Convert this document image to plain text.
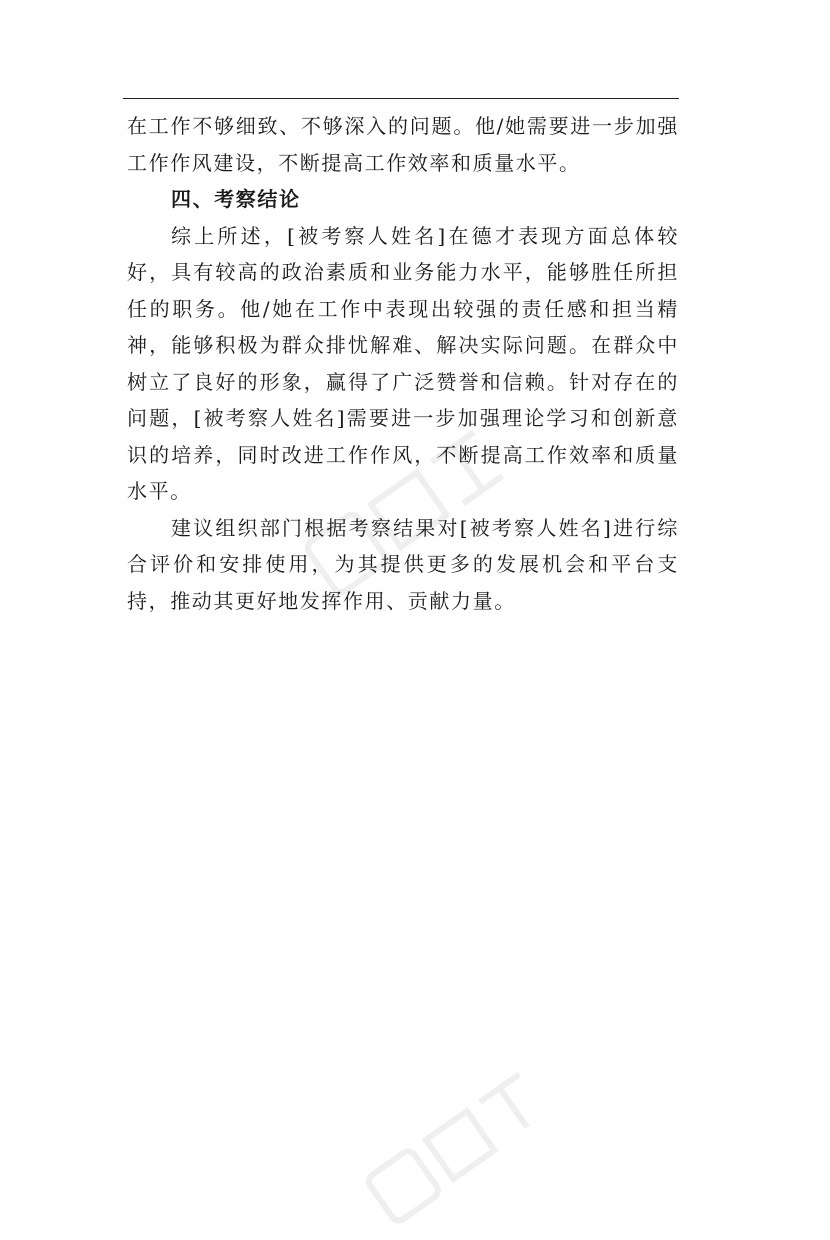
在工作不够细致、不够深入的问题。他/她需要进一步加强工作作风建设，不断提高工作效率和质量水平。

四、考察结论

综上所述，[被考察人姓名]在德才表现方面总体较好，具有较高的政治素质和业务能力水平，能够胜任所担任的职务。他/她在工作中表现出较强的责任感和担当精神，能够积极为群众排忧解难、解决实际问题。在群众中树立了良好的形象，赢得了广泛赞誉和信赖。针对存在的问题，[被考察人姓名]需要进一步加强理论学习和创新意识的培养，同时改进工作作风，不断提高工作效率和质量水平。

建议组织部门根据考察结果对[被考察人姓名]进行综合评价和安排使用，为其提供更多的发展机会和平台支持，推动其更好地发挥作用、贡献力量。
